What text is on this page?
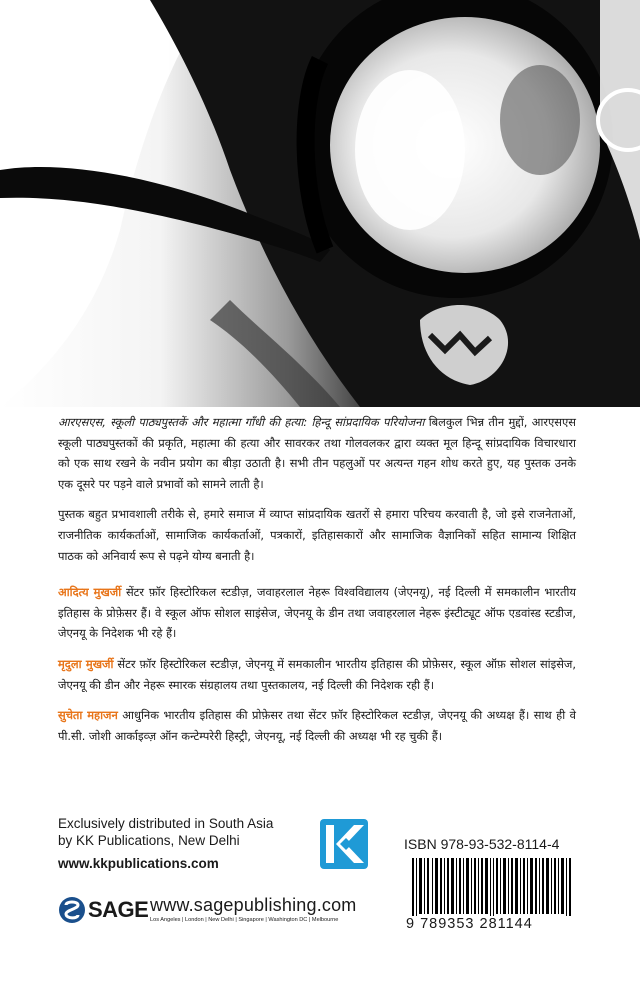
आरएसएस, स्कूली पाठ्यपुस्तकें और महात्मा गाँधी की हत्या: हिन्दू सांप्रदायिक परियोजना बिलकुल भिन्न तीन मुद्दों, आरएसएस स्कूली पाठ्यपुस्तकों की प्रकृति, महात्मा की हत्या और सावरकर तथा गोलवलकर द्वारा व्यक्त मूल हिन्दू सांप्रदायिक विचारधारा को एक साथ रखने के नवीन प्रयोग का बीड़ा उठाती है। सभी तीन पहलुओं पर अत्यन्त गहन शोध करते हुए, यह पुस्तक उनके एक दूसरे पर पड़ने वाले प्रभावों को सामने लाती है।

पुस्तक बहुत प्रभावशाली तरीके से, हमारे समाज में व्याप्त सांप्रदायिक खतरों से हमारा परिचय करवाती है, जो इसे राजनेताओं, राजनीतिक कार्यकर्ताओं, सामाजिक कार्यकर्ताओं, पत्रकारों, इतिहासकारों और सामाजिक वैज्ञानिकों सहित सामान्य शिक्षित पाठक को अनिवार्य रूप से पढ़ने योग्य बनाती है।

आदित्य मुखर्जी सेंटर फ़ॉर हिस्टोरिकल स्टडीज़, जवाहरलाल नेहरू विश्वविद्यालय (जेएनयू), नई दिल्ली में समकालीन भारतीय इतिहास के प्रोफ़ेसर हैं। वे स्कूल ऑफ सोशल साइंसेज, जेएनयू के डीन तथा जवाहरलाल नेहरू इंस्टीट्यूट ऑफ एडवांस्ड स्टडीज, जेएनयू के निदेशक भी रहे हैं।

मृदुला मुखर्जी सेंटर फ़ॉर हिस्टोरिकल स्टडीज़, जेएनयू में समकालीन भारतीय इतिहास की प्रोफ़ेसर, स्कूल ऑफ़ सोशल सांइसेज, जेएनयू की डीन और नेहरू स्मारक संग्रहालय तथा पुस्तकालय, नई दिल्ली की निदेशक रही हैं।

सुचेता महाजन आधुनिक भारतीय इतिहास की प्रोफ़ेसर तथा सेंटर फ़ॉर हिस्टोरिकल स्टडीज़, जेएनयू की अध्यक्ष हैं। साथ ही वे पी.सी. जोशी आर्काइव्ज़ ऑन कन्टेम्परेरी हिस्ट्री, जेएनयू, नई दिल्ली की अध्यक्ष भी रह चुकी हैं।

Exclusively distributed in South Asia
by KK Publications, New Delhi
www.kkpublications.com
SAGE www.sagepublishing.com
Los Angeles | London | New Delhi | Singapore | Washington DC | Melbourne
ISBN 978-93-532-8114-4
9 789353 281144
